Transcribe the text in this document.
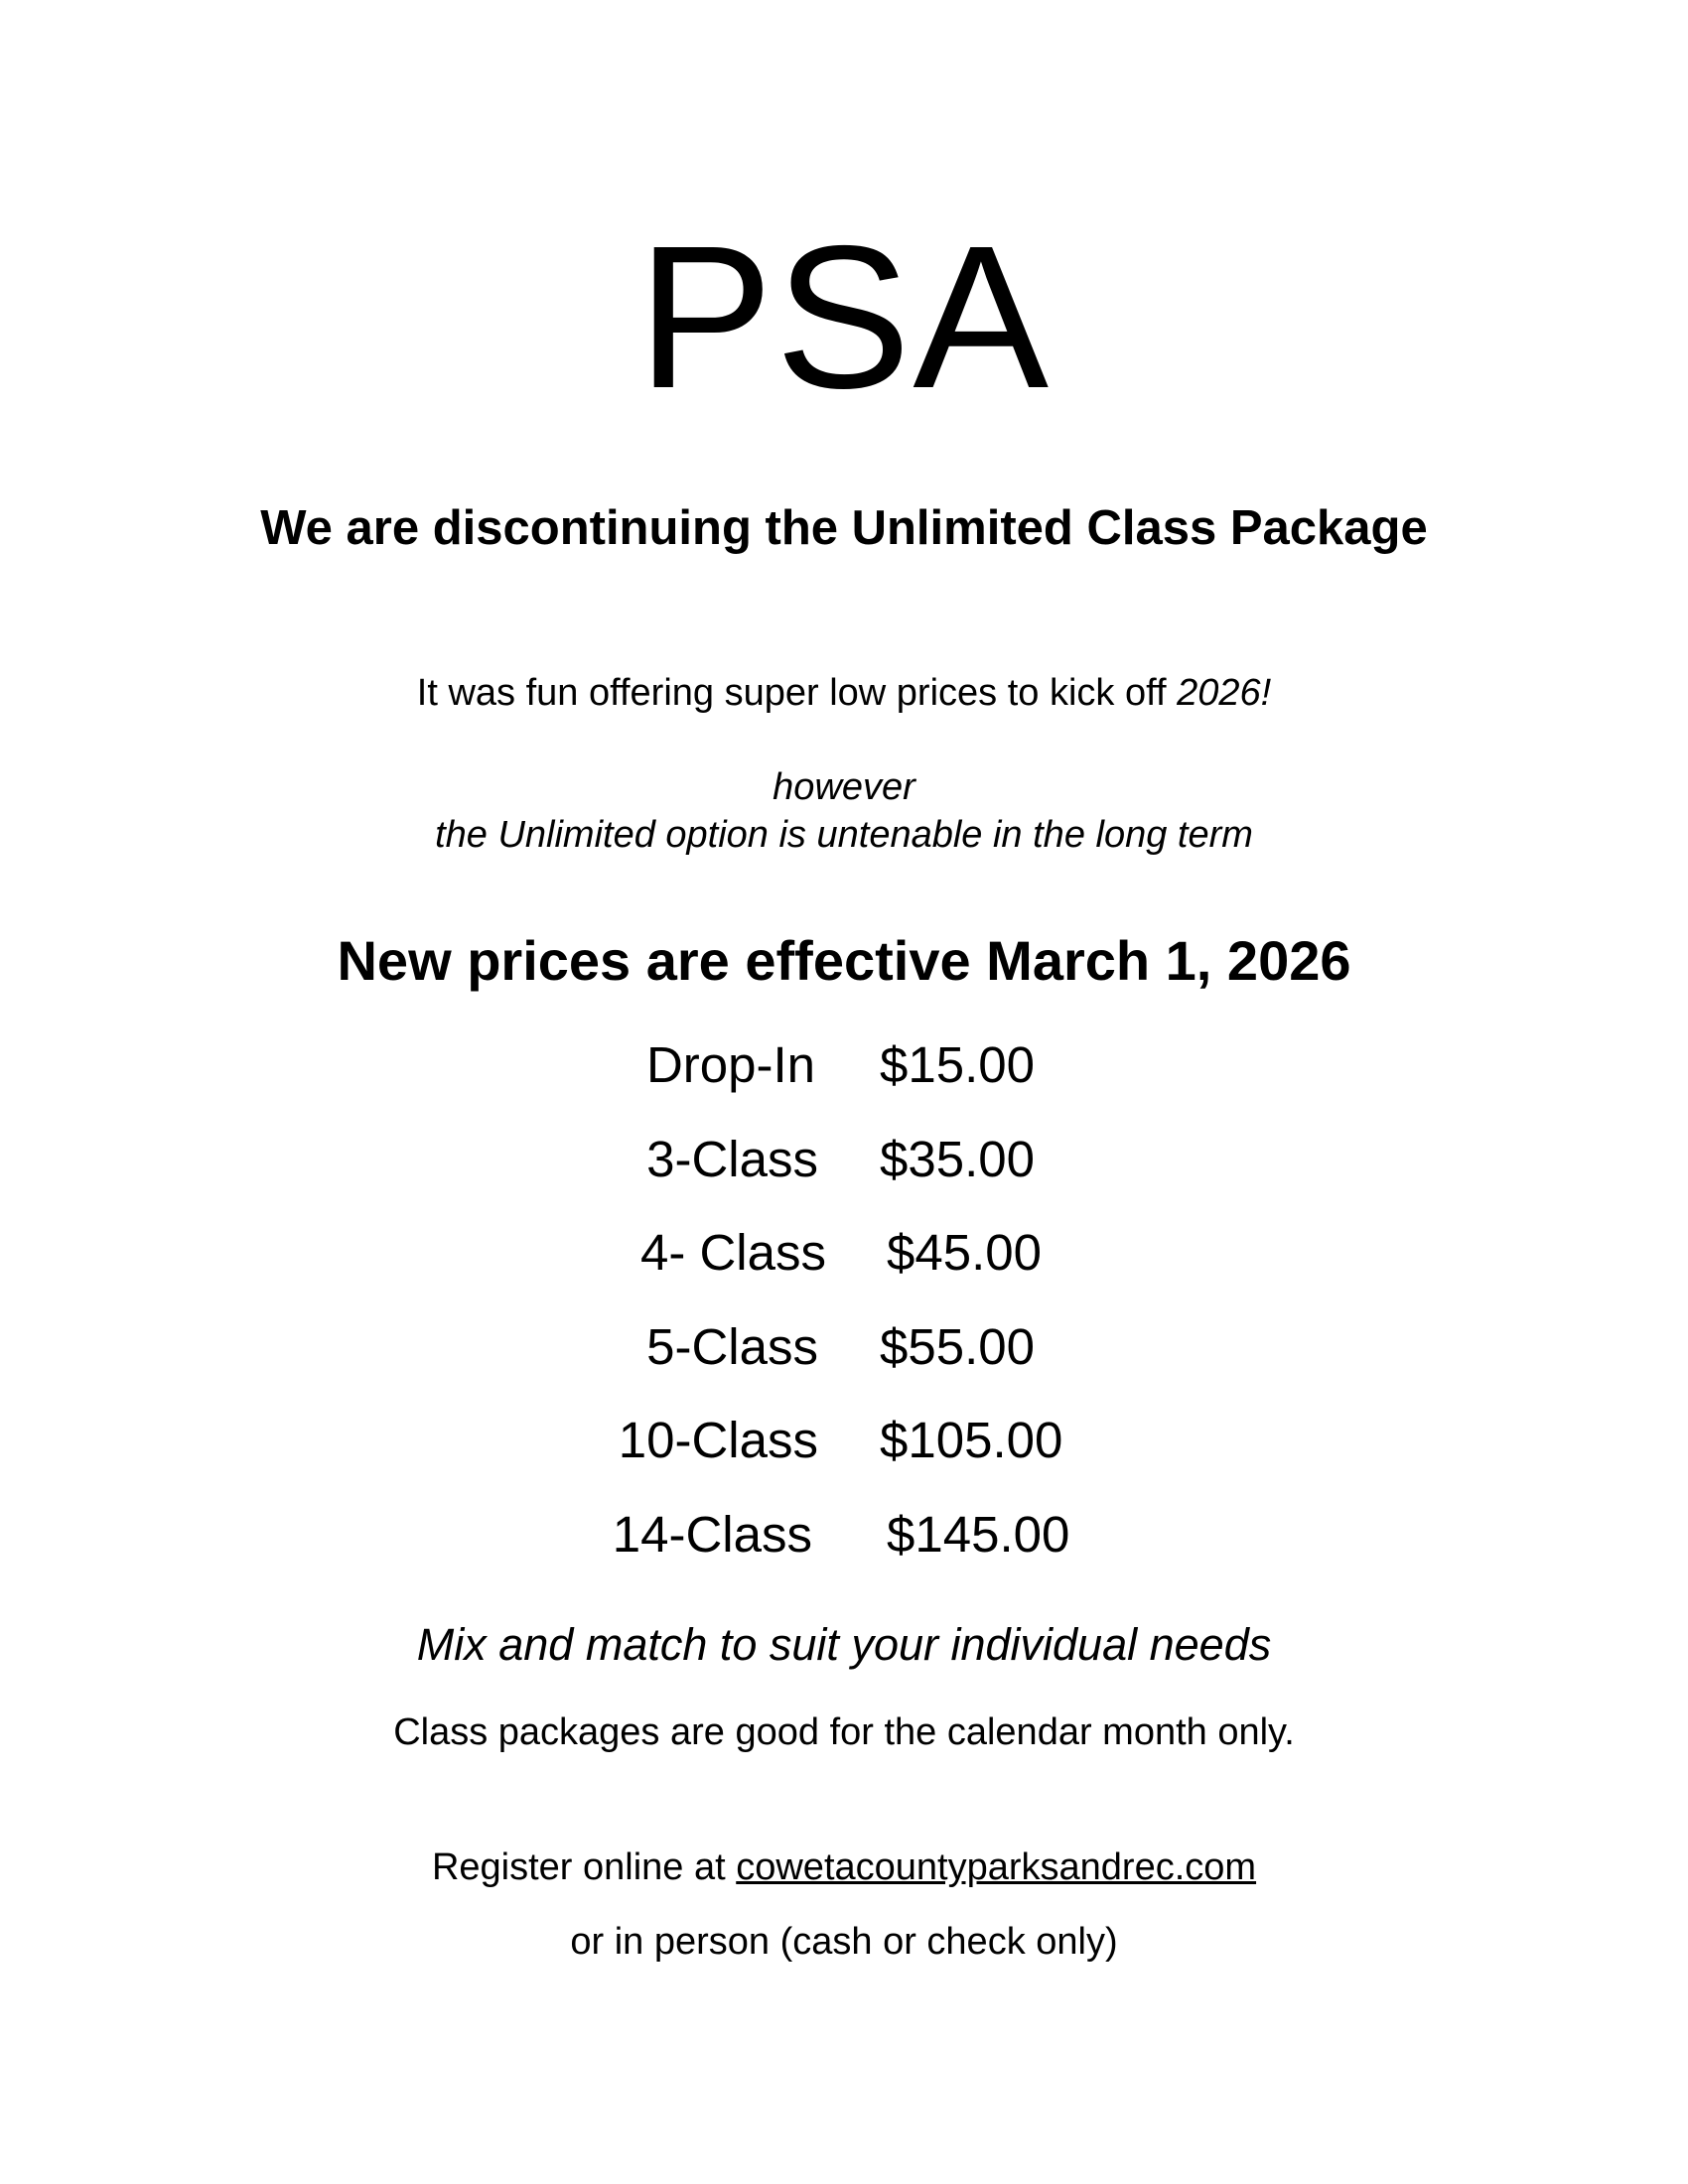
PSA
We are discontinuing the Unlimited Class Package
It was fun offering super low prices to kick off 2026!
however
the Unlimited option is untenable in the long term
New prices are effective March 1, 2026
Drop-In $15.00
3-Class $35.00
4- Class $45.00
5-Class $55.00
10-Class $105.00
14-Class $145.00
Mix and match to suit your individual needs
Class packages are good for the calendar month only.
Register online at cowetacountyparksandrec.com
or in person (cash or check only)
